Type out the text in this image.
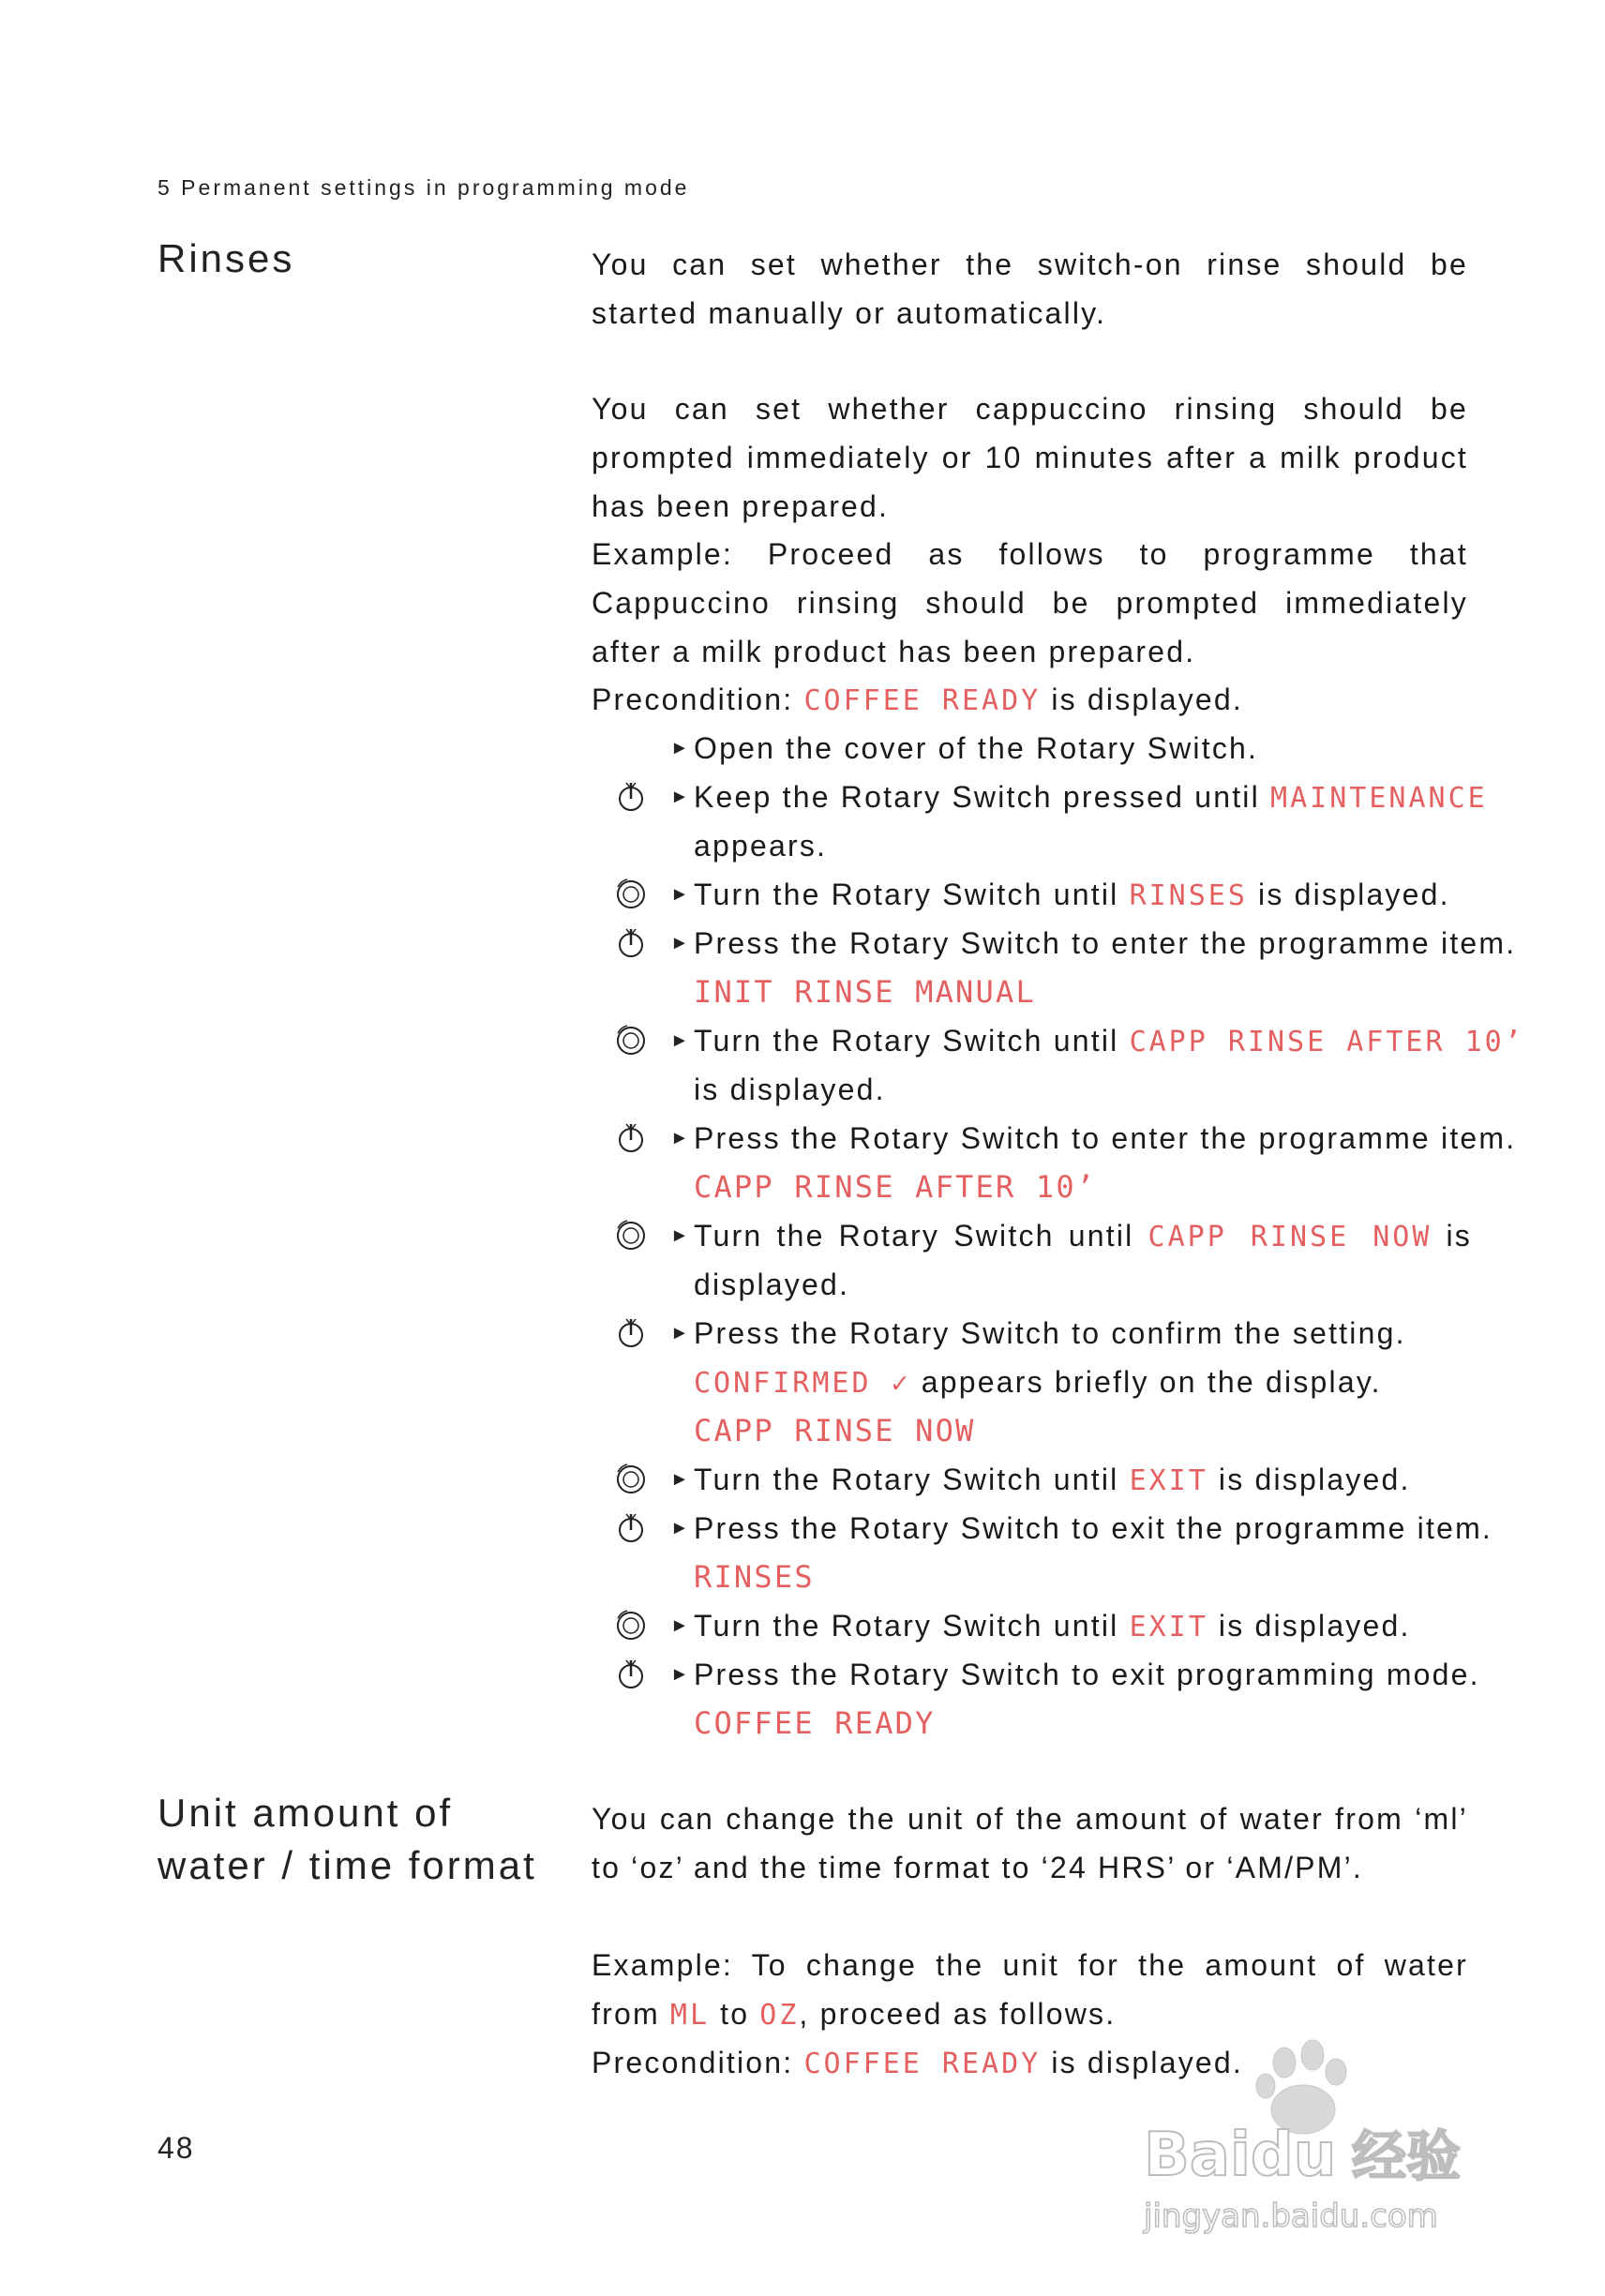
5 Permanent settings in programming mode
Rinses	You can set whether the switch-on rinse should be started manually or automatically.
You can set whether cappuccino rinsing should be prompted immediately or 10 minutes after a milk product has been prepared.
Example: Proceed as follows to programme that Cappuccino rinsing should be prompted immediately after a milk product has been prepared.
Precondition: COFFEE READY is displayed.
► Open the cover of the Rotary Switch.
► Keep the Rotary Switch pressed until MAINTENANCE
appears.
► Turn the Rotary Switch until RINSES is displayed.
► Press the Rotary Switch to enter the programme item.
INIT RINSE MANUAL
► Turn the Rotary Switch until CAPP RINSE AFTER 10’
is displayed.
► Press the Rotary Switch to enter the programme item.
CAPP RINSE AFTER 10’
► Turn the Rotary Switch until CAPP RINSE NOW is
displayed.
► Press the Rotary Switch to confirm the setting.
CONFIRMED ✓ appears briefly on the display.
CAPP RINSE NOW
► Turn the Rotary Switch until EXIT is displayed.
► Press the Rotary Switch to exit the programme item.
RINSES
► Turn the Rotary Switch until EXIT is displayed.
► Press the Rotary Switch to exit programming mode.
COFFEE READY
Unit amount of
water / time format
You can change the unit of the amount of water from ‘ml’ to ‘oz’ and the time format to ‘24 HRS’ or ‘AM/PM’.
Example: To change the unit for the amount of water from ML to OZ, proceed as follows.
Precondition: COFFEE READY is displayed.
48	Baidu 经验
jingyan.baidu.com
